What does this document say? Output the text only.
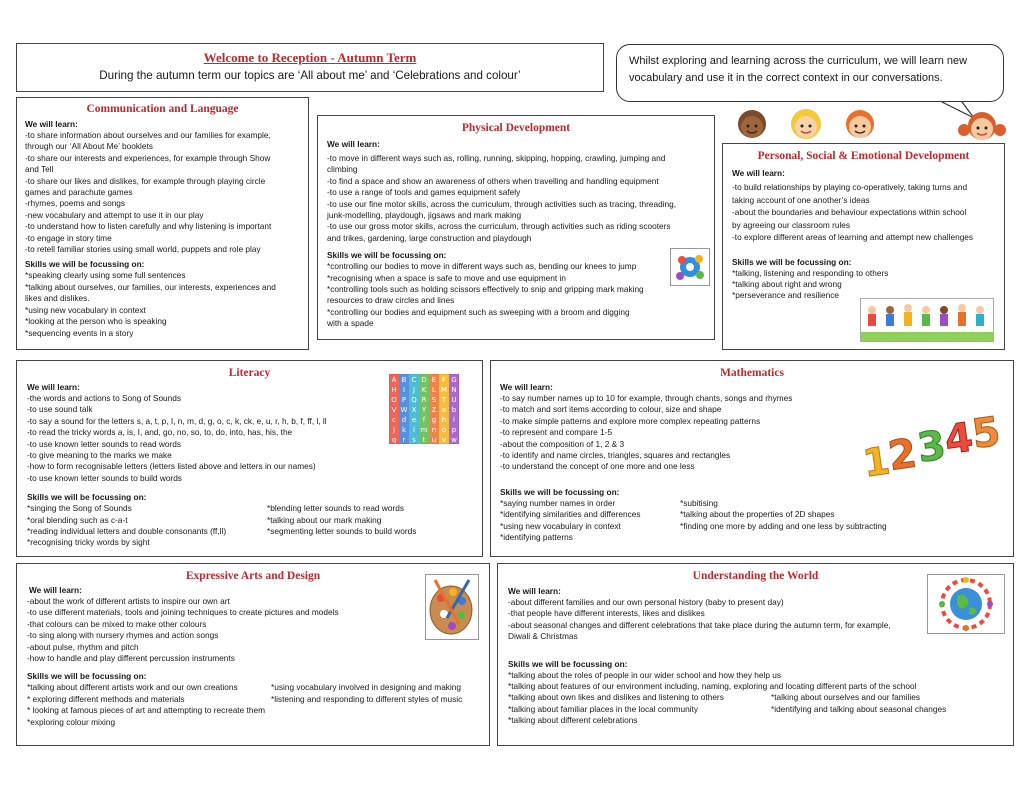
Welcome to Reception - Autumn Term
During the autumn term our topics are ‘All about me’ and ‘Celebrations and colour’
Whilst exploring and learning across the curriculum, we will learn new
vocabulary and use it in the correct context in our conversations.
Communication and Language
We will learn:
-to share information about ourselves and our families for example,
through our ‘All About Me’ booklets
-to share our interests and experiences, for example through Show
and Tell
-to share our likes and dislikes, for example through playing circle
games and parachute games
-rhymes, poems and songs
-new vocabulary and attempt to use it in our play
-to understand how to listen carefully and why listening is important
-to engage in story time
-to retell familiar stories using small world, puppets and role play
Skills we will be focussing on:
*speaking clearly using some full sentences
*talking about ourselves, our families, our interests, experiences and
likes and dislikes.
*using new vocabulary in context
*looking at the person who is speaking
*sequencing events in a story
Physical Development
We will learn:
-to move in different ways such as, rolling, running, skipping, hopping, crawling, jumping and
climbing
-to find a space and show an awareness of others when travelling and handling equipment
-to use a range of tools and games equipment safely
-to use our fine motor skills, across the curriculum, through activities such as tracing, threading,
junk-modelling, playdough, jigsaws and mark making
-to use our gross motor skills, across the curriculum, through activities such as riding scooters
and trikes, gardening, large construction and playdough
Skills we will be focussing on:
*controlling our bodies to move in different ways such as, bending our knees to jump
*recognising when a space is safe to move and use equipment in
*controlling tools such as holding scissors effectively to snip and gripping mark making
resources to draw circles and lines
*controlling our bodies and equipment such as sweeping with a broom and digging
with a spade
Personal, Social & Emotional Development
We will learn:
-to build relationships by playing co-operatively, taking turns and
taking account of one another’s ideas
-about the boundaries and behaviour expectations within school
by agreeing our classroom rules
-to explore different areas of learning and attempt new challenges
Skills we will be focussing on:
*talking, listening and responding to others
*talking about right and wrong
*perseverance and resilience
Literacy
We will learn:
-the words and actions to Song of Sounds
-to use sound talk
-to say a sound for the letters s, a, t, p, I, n, m, d, g, o, c, k, ck, e, u, r, h, b, f, ff, l, ll
-to read the tricky words a, is, I, and, go, no, so, to, do, into, has, his, the
-to use known letter sounds to read words
-to give meaning to the marks we make
-how to form recognisable letters (letters listed above and letters in our names)
-to use known letter sounds to build words
Skills we will be focussing on:
*singing the Song of Sounds
*oral blending such as c-a-t
*reading individual letters and double consonants (ff,ll)
*recognising tricky words by sight
*blending letter sounds to read words
*talking about our mark making
*segmenting letter sounds to build words
A B C D E F G
H I J K L M N
O P Q R S T U
V W X Y Z a b
c d e f g h i
j k l m n o p
q r s t u v w
Mathematics
We will learn:
-to say number names up to 10 for example, through chants, songs and rhymes
-to match and sort items according to colour, size and shape
-to make simple patterns and explore more complex repeating patterns
-to represent and compare 1-5
-about the composition of 1, 2 & 3
-to identify and name circles, triangles, squares and rectangles
-to understand the concept of one more and one less
Skills we will be focussing on:
*saying number names in order
*identifying similarities and differences
*using new vocabulary in context
*identifying patterns
*subitising
*talking about the properties of 2D shapes
*finding one more by adding and one less by subtracting
1
2
3
4
5
Expressive Arts and Design
We will learn:
-about the work of different artists to inspire our own art
-to use different materials, tools and joining techniques to create pictures and models
-that colours can be mixed to make other colours
-to sing along with nursery rhymes and action songs
-about pulse, rhythm and pitch
-how to handle and play different percussion instruments
Skills we will be focussing on:
*talking about different artists work and our own creations
* exploring different methods and materials
*using vocabulary involved in designing and making
*listening and responding to different styles of music
* looking at famous pieces of art and attempting to recreate them
*exploring colour mixing
Understanding the World
We will learn:
-about different families and our own personal history (baby to present day)
-that people have different interests, likes and dislikes
-about seasonal changes and different celebrations that take place during the autumn term, for example,
Diwali & Christmas
Skills we will be focussing on:
*talking about the roles of people in our wider school and how they help us
*talking about features of our environment including, naming, exploring and locating different parts of the school
*talking about own likes and dislikes and listening to others
*talking about familiar places in the local community
*talking about different celebrations
*talking about ourselves and our families
*identifying and talking about seasonal changes
